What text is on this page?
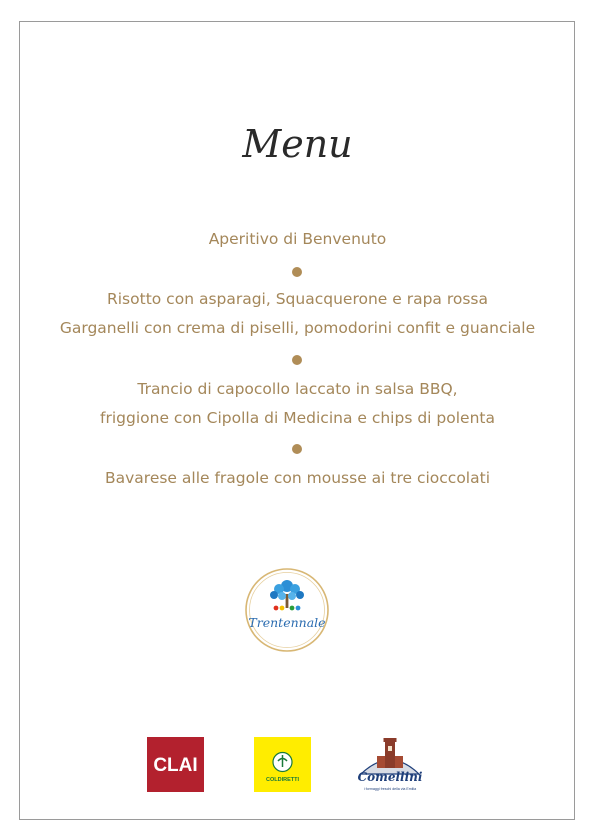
Menu
Aperitivo di Benvenuto
Risotto con asparagi, Squacquerone e rapa rossa
Garganelli con crema di piselli, pomodorini confit e guanciale
Trancio di capocollo laccato in salsa BBQ,
friggione con Cipolla di Medicina e chips di polenta
Bavarese alle fragole con mousse ai tre cioccolati
Trentennale
CLAI
COLDIRETTI	Comellini
i formaggi freschi della via Emilia
